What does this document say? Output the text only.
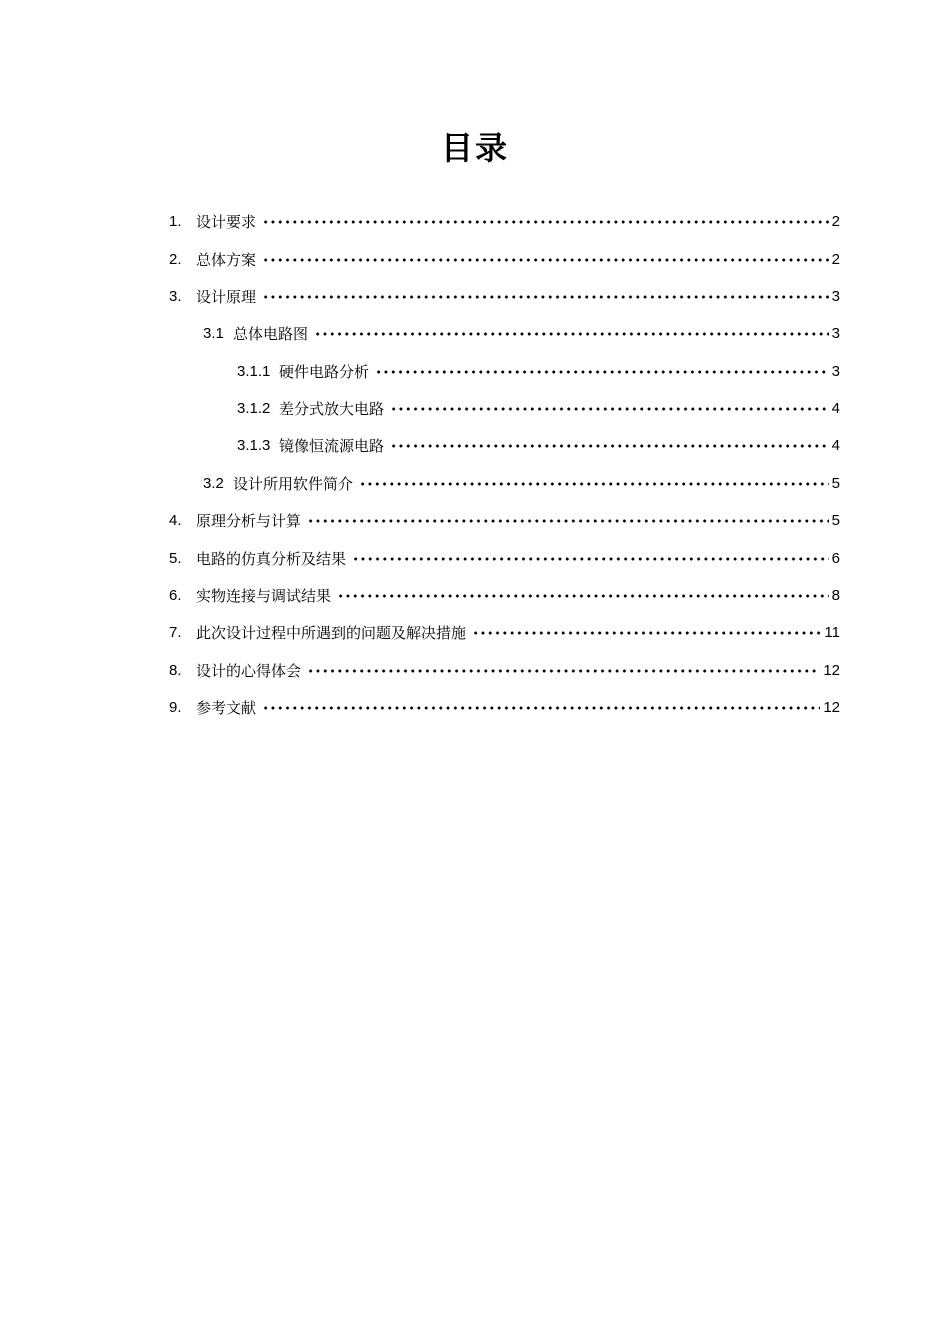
目录
1. 设计要求	2
2. 总体方案	2
3. 设计原理	3
3.1 总体电路图	3
3.1.1 硬件电路分析	3
3.1.2 差分式放大电路	4
3.1.3 镜像恒流源电路	4
3.2 设计所用软件简介	5
4. 原理分析与计算	5
5. 电路的仿真分析及结果	6
6. 实物连接与调试结果	8
7. 此次设计过程中所遇到的问题及解决措施	11
8. 设计的心得体会	12
9. 参考文献	12
